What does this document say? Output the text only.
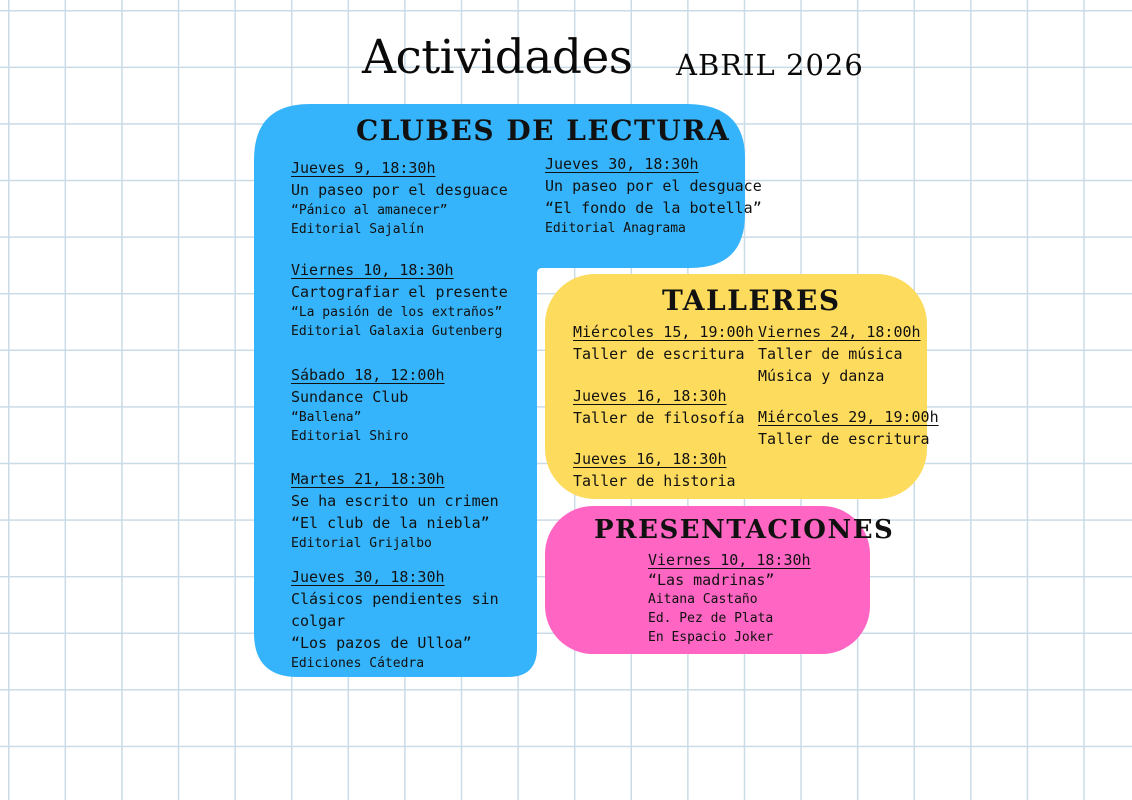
Actividades ABRIL 2026
CLUBES DE LECTURA
Jueves 9, 18:30h
Un paseo por el desguace
“Pánico al amanecer”
Editorial Sajalín
Viernes 10, 18:30h
Cartografiar el presente
“La pasión de los extraños”
Editorial Galaxia Gutenberg
Sábado 18, 12:00h
Sundance Club
“Ballena”
Editorial Shiro
Martes 21, 18:30h
Se ha escrito un crimen
“El club de la niebla”
Editorial Grijalbo
Jueves 30, 18:30h
Clásicos pendientes sin
colgar
“Los pazos de Ulloa”
Ediciones Cátedra
Jueves 30, 18:30h
Un paseo por el desguace
“El fondo de la botella”
Editorial Anagrama
TALLERES
Miércoles 15, 19:00h
Taller de escritura
Jueves 16, 18:30h
Taller de filosofía
Jueves 16, 18:30h
Taller de historia
Viernes 24, 18:00h
Taller de música
Música y danza
Miércoles 29, 19:00h
Taller de escritura
PRESENTACIONES
Viernes 10, 18:30h
“Las madrinas”
Aitana Castaño
Ed. Pez de Plata
En Espacio Joker
